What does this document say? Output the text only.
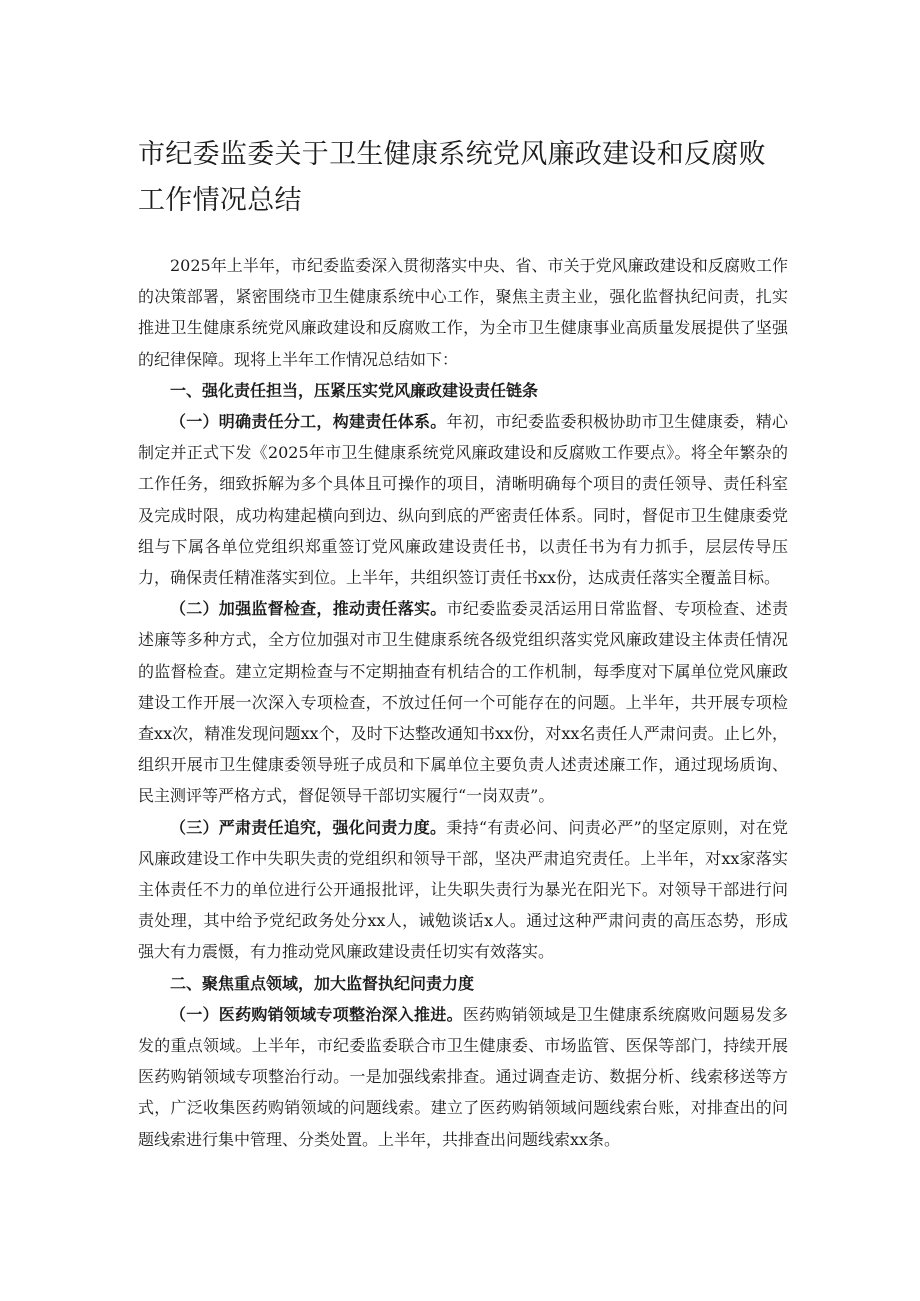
市纪委监委关于卫生健康系统党风廉政建设和反腐败工作情况总结

2025年上半年，市纪委监委深入贯彻落实中央、省、市关于党风廉政建设和反腐败工作的决策部署，紧密围绕市卫生健康系统中心工作，聚焦主责主业，强化监督执纪问责，扎实推进卫生健康系统党风廉政建设和反腐败工作，为全市卫生健康事业高质量发展提供了坚强的纪律保障。现将上半年工作情况总结如下：

一、强化责任担当，压紧压实党风廉政建设责任链条

（一）明确责任分工，构建责任体系。年初，市纪委监委积极协助市卫生健康委，精心制定并正式下发《2025年市卫生健康系统党风廉政建设和反腐败工作要点》。将全年繁杂的工作任务，细致拆解为多个具体且可操作的项目，清晰明确每个项目的责任领导、责任科室及完成时限，成功构建起横向到边、纵向到底的严密责任体系。同时，督促市卫生健康委党组与下属各单位党组织郑重签订党风廉政建设责任书，以责任书为有力抓手，层层传导压力，确保责任精准落实到位。上半年，共组织签订责任书xx份，达成责任落实全覆盖目标。

（二）加强监督检查，推动责任落实。市纪委监委灵活运用日常监督、专项检查、述责述廉等多种方式，全方位加强对市卫生健康系统各级党组织落实党风廉政建设主体责任情况的监督检查。建立定期检查与不定期抽查有机结合的工作机制，每季度对下属单位党风廉政建设工作开展一次深入专项检查，不放过任何一个可能存在的问题。上半年，共开展专项检查xx次，精准发现问题xx个，及时下达整改通知书xx份，对xx名责任人严肃问责。止匕外，组织开展市卫生健康委领导班子成员和下属单位主要负责人述责述廉工作，通过现场质询、民主测评等严格方式，督促领导干部切实履行“一岗双责”。

（三）严肃责任追究，强化问责力度。秉持“有责必问、问责必严”的坚定原则，对在党风廉政建设工作中失职失责的党组织和领导干部，坚决严肃追究责任。上半年，对xx家落实主体责任不力的单位进行公开通报批评，让失职失责行为暴光在阳光下。对领导干部进行问责处理，其中给予党纪政务处分xx人，诫勉谈话x人。通过这种严肃问责的高压态势，形成强大有力震慑，有力推动党风廉政建设责任切实有效落实。

二、聚焦重点领域，加大监督执纪问责力度

（一）医药购销领域专项整治深入推进。医药购销领域是卫生健康系统腐败问题易发多发的重点领域。上半年，市纪委监委联合市卫生健康委、市场监管、医保等部门，持续开展医药购销领域专项整治行动。一是加强线索排查。通过调查走访、数据分析、线索移送等方式，广泛收集医药购销领域的问题线索。建立了医药购销领域问题线索台账，对排查出的问题线索进行集中管理、分类处置。上半年，共排查出问题线索xx条。
